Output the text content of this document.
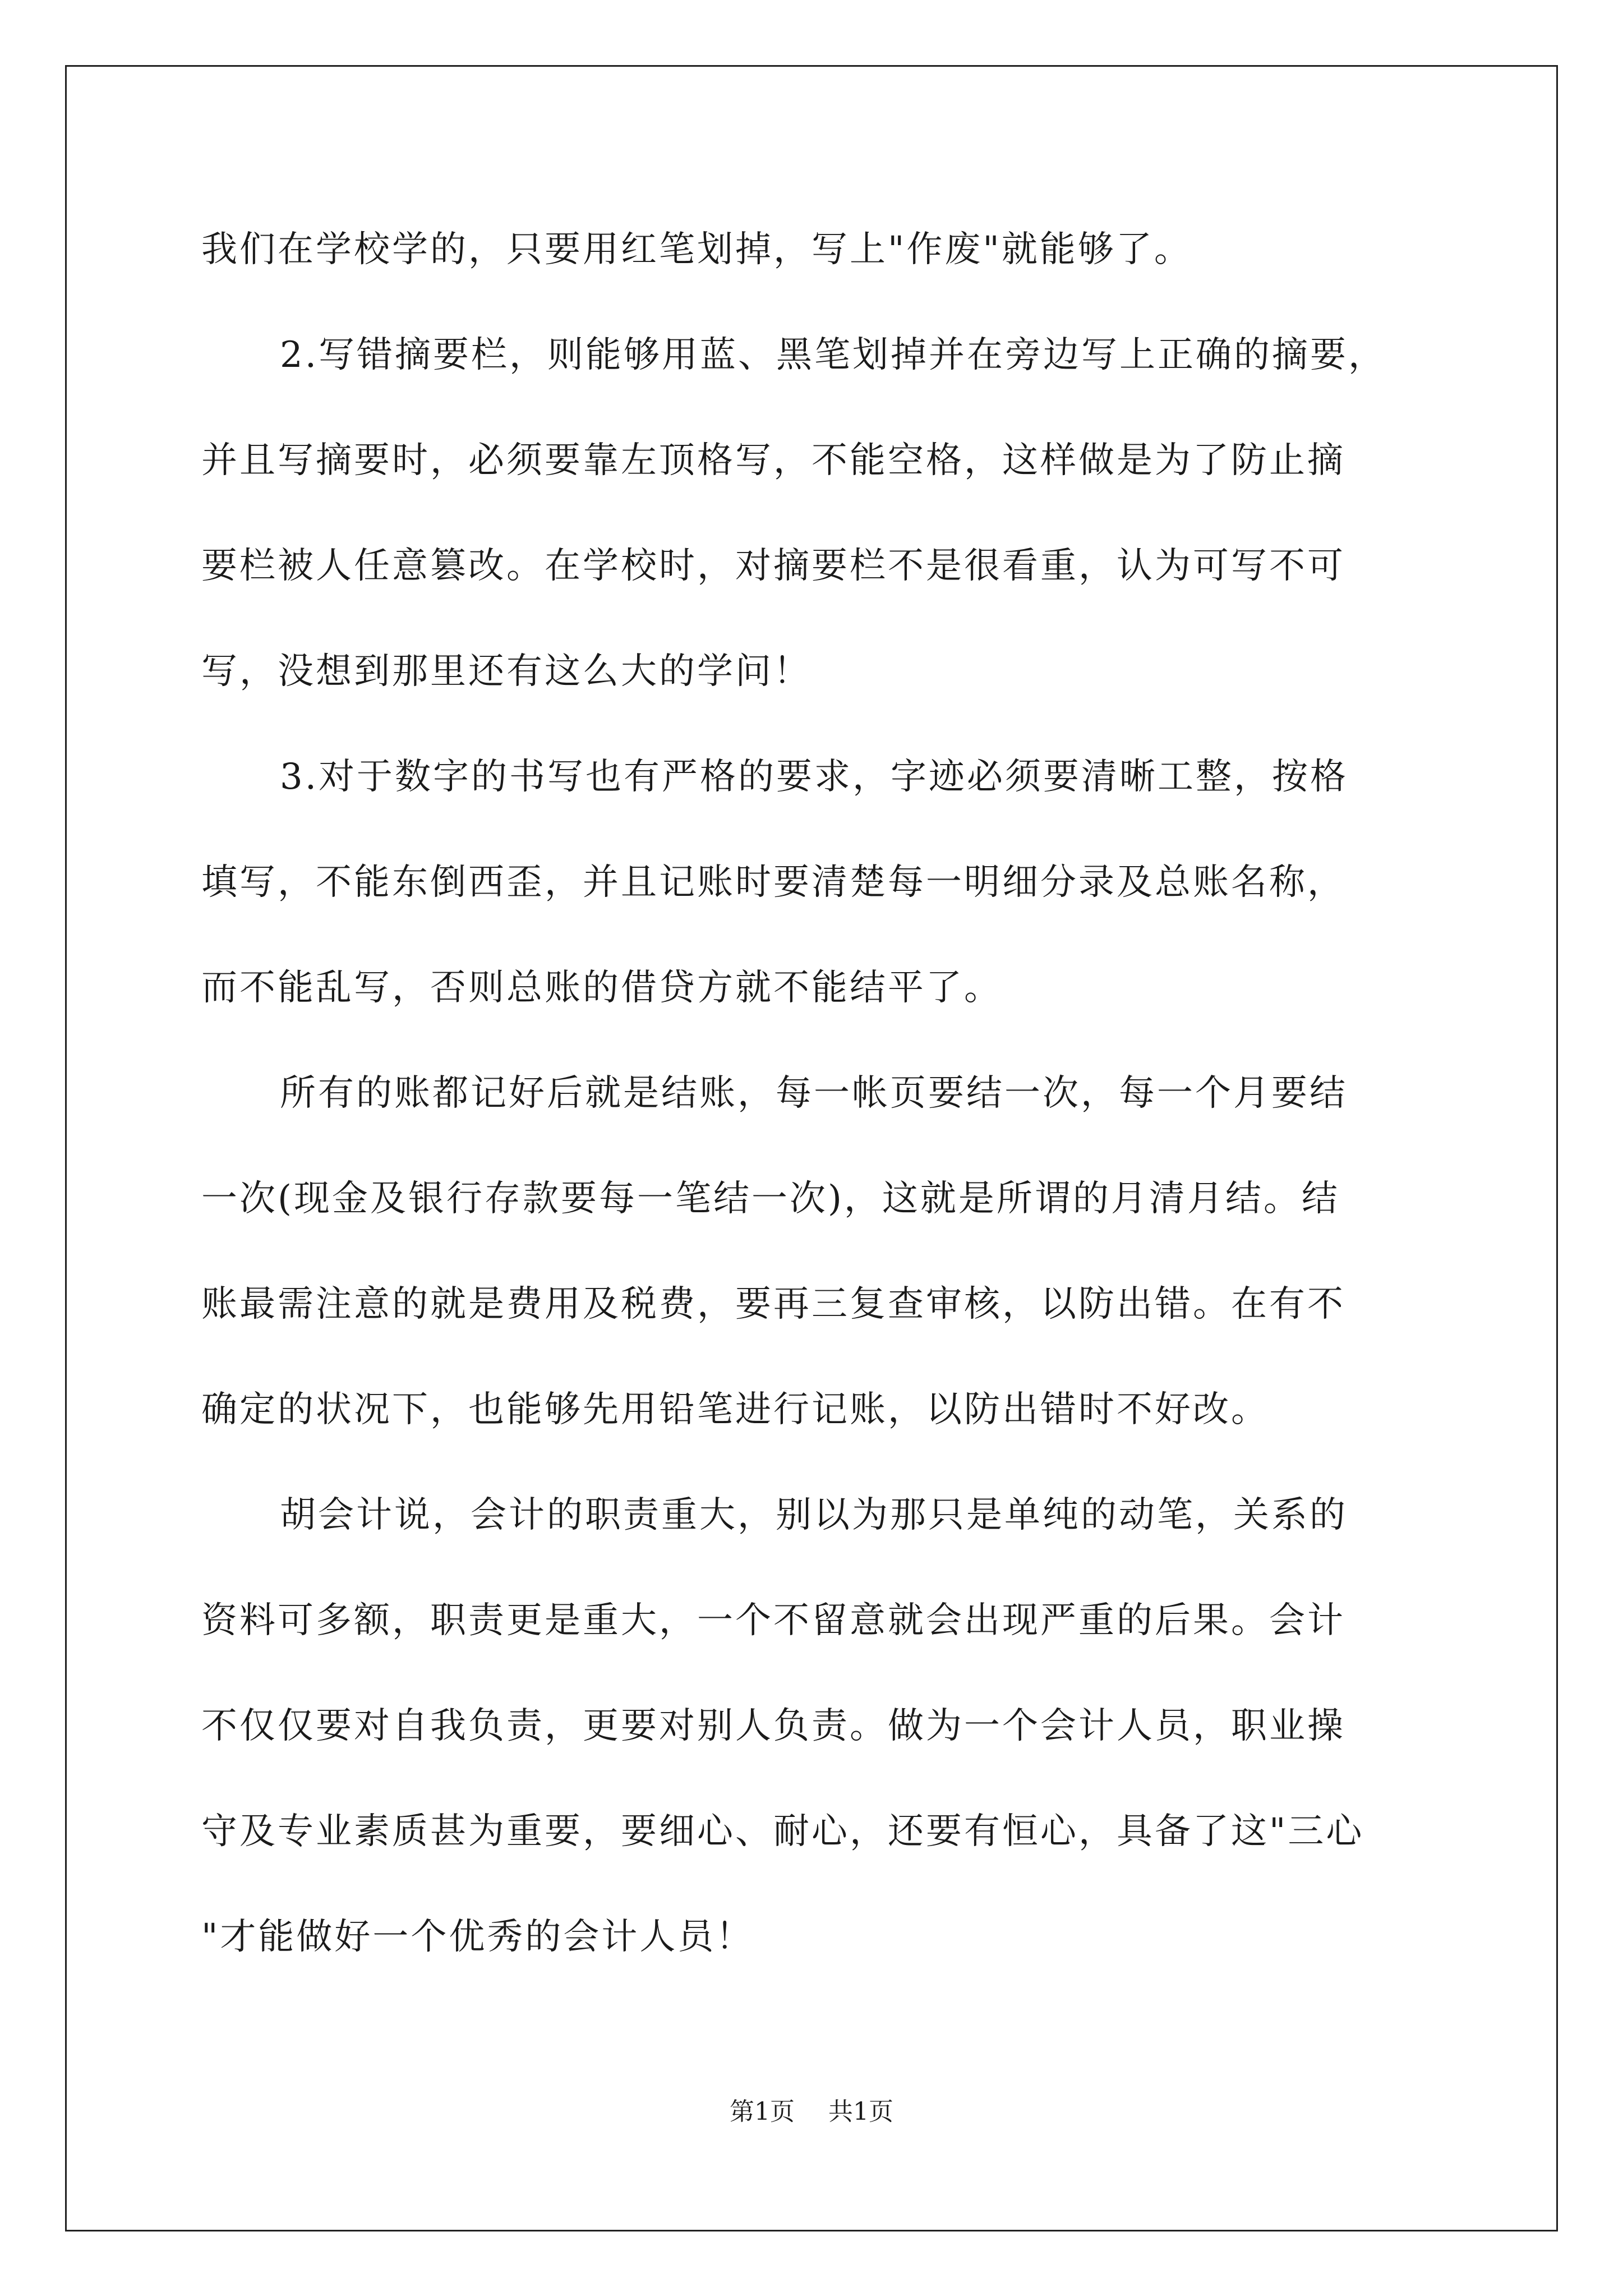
我们在学校学的，只要用红笔划掉，写上"作废"就能够了。
2.写错摘要栏，则能够用蓝、黑笔划掉并在旁边写上正确的摘要，
并且写摘要时，必须要靠左顶格写，不能空格，这样做是为了防止摘
要栏被人任意篡改。在学校时，对摘要栏不是很看重，认为可写不可
写，没想到那里还有这么大的学问！
3.对于数字的书写也有严格的要求，字迹必须要清晰工整，按格
填写，不能东倒西歪，并且记账时要清楚每一明细分录及总账名称，
而不能乱写，否则总账的借贷方就不能结平了。
所有的账都记好后就是结账，每一帐页要结一次，每一个月要结
一次(现金及银行存款要每一笔结一次)，这就是所谓的月清月结。结
账最需注意的就是费用及税费，要再三复查审核，以防出错。在有不
确定的状况下，也能够先用铅笔进行记账，以防出错时不好改。
胡会计说，会计的职责重大，别以为那只是单纯的动笔，关系的
资料可多额，职责更是重大，一个不留意就会出现严重的后果。会计
不仅仅要对自我负责，更要对别人负责。做为一个会计人员，职业操
守及专业素质甚为重要，要细心、耐心，还要有恒心，具备了这"三心
"才能做好一个优秀的会计人员！
第1页 共1页
